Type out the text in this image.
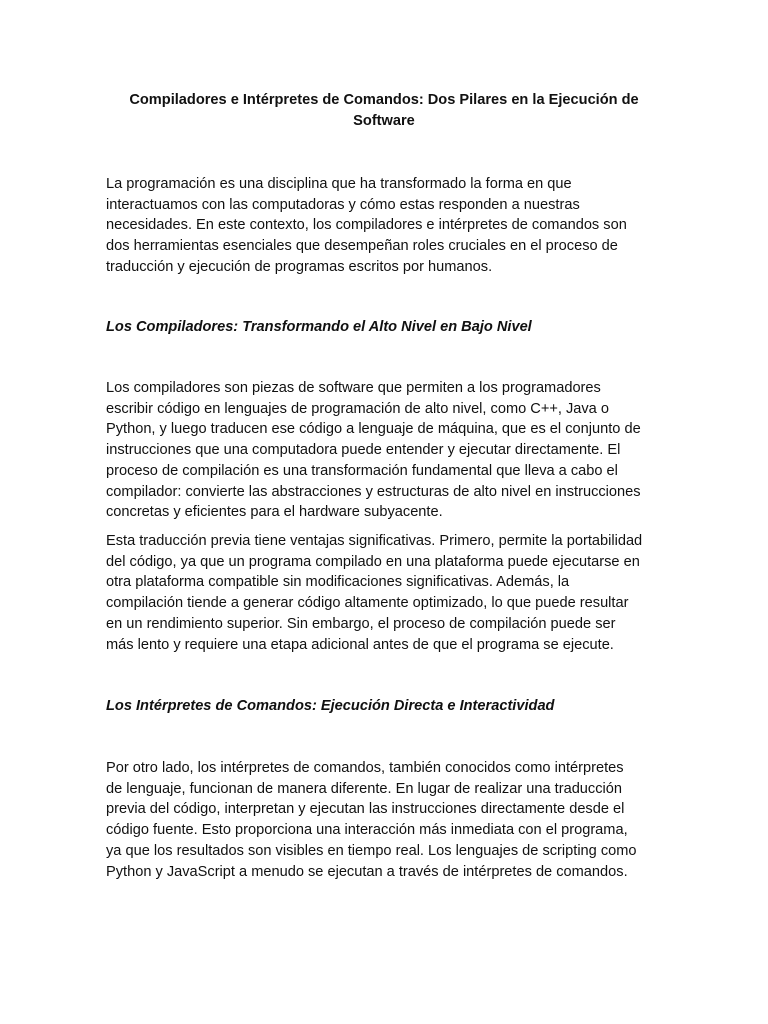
Compiladores e Intérpretes de Comandos: Dos Pilares en la Ejecución de
Software

La programación es una disciplina que ha transformado la forma en que
interactuamos con las computadoras y cómo estas responden a nuestras
necesidades. En este contexto, los compiladores e intérpretes de comandos son
dos herramientas esenciales que desempeñan roles cruciales en el proceso de
traducción y ejecución de programas escritos por humanos.

Los Compiladores: Transformando el Alto Nivel en Bajo Nivel

Los compiladores son piezas de software que permiten a los programadores
escribir código en lenguajes de programación de alto nivel, como C++, Java o
Python, y luego traducen ese código a lenguaje de máquina, que es el conjunto de
instrucciones que una computadora puede entender y ejecutar directamente. El
proceso de compilación es una transformación fundamental que lleva a cabo el
compilador: convierte las abstracciones y estructuras de alto nivel en instrucciones
concretas y eficientes para el hardware subyacente.

Esta traducción previa tiene ventajas significativas. Primero, permite la portabilidad
del código, ya que un programa compilado en una plataforma puede ejecutarse en
otra plataforma compatible sin modificaciones significativas. Además, la
compilación tiende a generar código altamente optimizado, lo que puede resultar
en un rendimiento superior. Sin embargo, el proceso de compilación puede ser
más lento y requiere una etapa adicional antes de que el programa se ejecute.

Los Intérpretes de Comandos: Ejecución Directa e Interactividad

Por otro lado, los intérpretes de comandos, también conocidos como intérpretes
de lenguaje, funcionan de manera diferente. En lugar de realizar una traducción
previa del código, interpretan y ejecutan las instrucciones directamente desde el
código fuente. Esto proporciona una interacción más inmediata con el programa,
ya que los resultados son visibles en tiempo real. Los lenguajes de scripting como
Python y JavaScript a menudo se ejecutan a través de intérpretes de comandos.
